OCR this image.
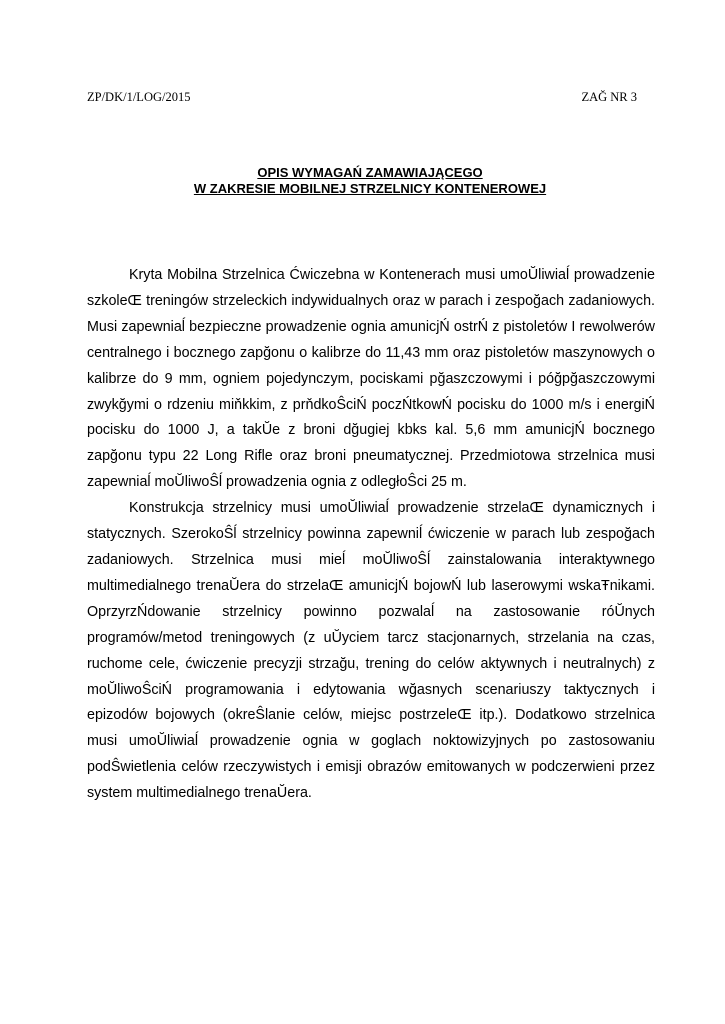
ZP/DK/1/LOG/2015	ZAĞ NR 3
OPIS WYMAGAŃ ZAMAWIAJĄCEGO
W ZAKRESIE MOBILNEJ STRZELNICY KONTENEROWEJ

Kryta Mobilna Strzelnica Ćwiczebna w Kontenerach musi umoŬliwiaĺ prowadzenie szkoleŒ treningów strzeleckich indywidualnych oraz w parach i zespoğach zadaniowych. Musi zapewniaĺ bezpieczne prowadzenie ognia amunicjŃ ostrŃ z pistoletów I rewolwerów centralnego i bocznego zapğonu o kalibrze do 11,43 mm oraz pistoletów maszynowych o kalibrze do 9 mm, ogniem pojedynczym, pociskami pğaszczowymi i póğpğaszczowymi zwykğymi o rdzeniu miňkkim, z prňdkoŜciŃ poczŃtkowŃ pocisku do 1000 m/s i energiŃ pocisku do 1000 J, a takŬe z broni dğugiej kbks kal. 5,6 mm amunicjŃ bocznego zapğonu typu 22 Long Rifle oraz broni pneumatycznej. Przedmiotowa strzelnica musi zapewniaĺ moŬliwoŜĺ prowadzenia ognia z odległoŜci 25 m.

Konstrukcja strzelnicy musi umoŬliwiaĺ prowadzenie strzelaŒ dynamicznych i statycznych. SzerokoŜĺ strzelnicy powinna zapewniĺ ćwiczenie w parach lub zespoğach zadaniowych. Strzelnica musi mieĺ moŬliwoŜĺ zainstalowania interaktywnego multimedialnego trenaŬera do strzelaŒ amunicjŃ bojowŃ lub laserowymi wskaŦnikami. OprzyrzŃdowanie strzelnicy powinno pozwalaĺ na zastosowanie róŬnych programów/metod treningowych (z uŬyciem tarcz stacjonarnych, strzelania na czas, ruchome cele, ćwiczenie precyzji strzağu, trening do celów aktywnych i neutralnych) z moŬliwoŜciŃ programowania i edytowania wğasnych scenariuszy taktycznych i epizodów bojowych (okreŜlanie celów, miejsc postrzeleŒ itp.). Dodatkowo strzelnica musi umoŬliwiaĺ prowadzenie ognia w goglach noktowizyjnych po zastosowaniu podŜwietlenia celów rzeczywistych i emisji obrazów emitowanych w podczerwieni przez system multimedialnego trenaŬera.
